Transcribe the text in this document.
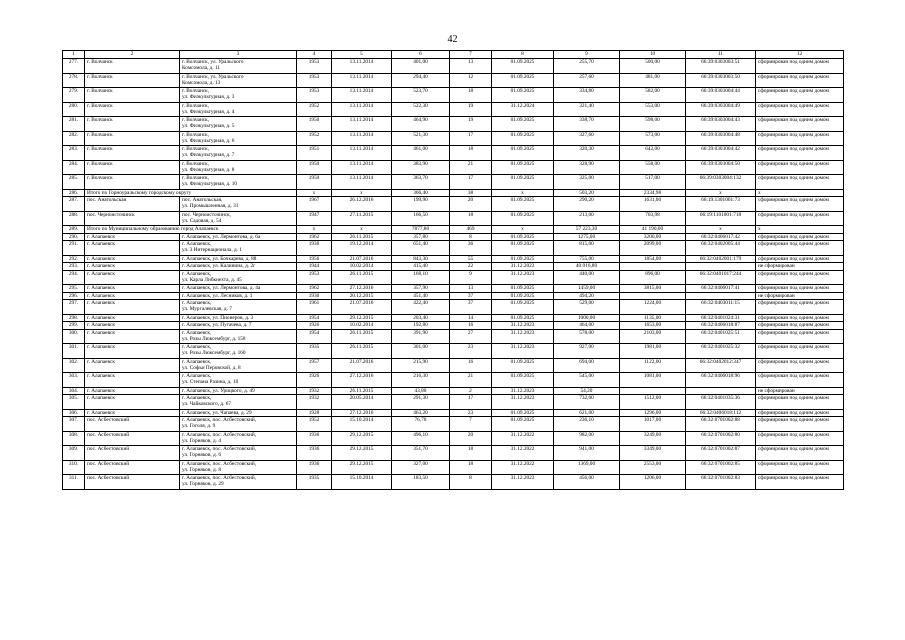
42
1	2	3	4	5	6	7	8	9	10	11	12
277.	г. Волчанск	г. Волчанск, ул. Уральского
Комсомола, д. 11	1953	13.11.2014	401,00	13	01.09.2025	255,70	500,00	66:39:0303003:51	сформирован под одним домом
278.	г. Волчанск	г. Волчанск, ул. Уральского
Комсомола, д. 13	1953	13.11.2014	294,40	12	01.09.2025	257,60	481,00	66:39:0303003:50	сформирован под одним домом
279.	г. Волчанск	г. Волчанск,
ул. Физкультурная, д. 3	1953	13.11.2014	523,70	18	01.09.2025	334,80	582,00	66:39:0303004:44	сформирован под одним домом
280.	г. Волчанск	г. Волчанск,
ул. Физкультурная, д. 4	1952	13.11.2014	522,30	19	31.12.2024	321,40	553,00	66:39:0303004:49	сформирован под одним домом
281.	г. Волчанск	г. Волчанск,
ул. Физкультурная, д. 5	1950	13.11.2014	464,90	19	01.09.2025	338,70	598,00	66:39:0303004:43	сформирован под одним домом
282.	г. Волчанск	г. Волчанск,
ул. Физкультурная, д. 6	1952	13.11.2014	521,30	17	01.09.2025	327,60	573,00	66:39:0303004:48	сформирован под одним домом
283.	г. Волчанск	г. Волчанск,
ул. Физкультурная, д. 7	1951	13.11.2014	461,00	18	01.09.2025	320,30	642,00	66:39:0303004:42	сформирован под одним домом
284.	г. Волчанск	г. Волчанск,
ул. Физкультурная, д. 8	1950	13.11.2014	383,90	21	01.09.2025	328,90	558,00	66:39:0303004:50	сформирован под одним домом
285.	г. Волчанск	г. Волчанск,
ул. Физкультурная, д. 10	1950	13.11.2014	363,70	17	01.09.2025	325,00	517,00	66:39:0303004:132	сформирован под одним домом
286.	Итого по Горноуральскому городскому округу		x	x	366,40	38	x	503,20	2334,98	x	x
287.	пос. Анатольская	пос. Анатольская,
ул. Промышленная, д. 31	1967	26.12.2016	199,90	20	01.09.2025	290,20	1631,00	66:19:1301001:73	сформирован под одним домом
288.	пос. Черноисточинск	пос. Черноисточинск,
ул. Садовая, д. 54	1947	27.11.2015	166,50	18	01.09.2025	213,00	703,98	66:19:1101001:718	сформирован под одним домом
289.	Итого по Муниципальному образованию город Алапаевск		x	x	7877,80	469	x	57 223,30	41 190,00	x	x
290.	г. Алапаевск	г. Алапаевск, ул. Лермонтова, д. 6а	1962	26.11.2015	357,80	8	01.09.2025	1275,00	3200,00	66:32:0406017:42	сформирован под одним домом
291.	г. Алапаевск	г. Алапаевск,
ул. 3 Интернационала, д. 1	1930	19.12.2014	651,40	36	01.09.2025	815,00	2099,00	66:32:0402005:44	сформирован под одним домом
292.	г. Алапаевск	г. Алапаевск, ул. Бочкарева, д. 88	1956	21.07.2016	843,30	55	01.09.2025	755,00	1854,00	66:32:0402001:179	сформирован под одним домом
293.	г. Алапаевск	г. Алапаевск, ул. Калинина, д. 2г	1944	10.02.2014	415,40	22	31.12.2023	40 016,80			не сформирован
294.	г. Алапаевск	г. Алапаевск,
ул. Карла Либкнехта, д. 45	1953	26.11.2015	168,10	9	31.12.2023	440,00	896,00	66:32:0401017:244	сформирован под одним домом
295.	г. Алапаевск	г. Алапаевск, ул. Лермонтова, д. 4а	1962	27.12.2016	357,90	13	01.09.2025	1459,00	3815,00	66:32:0406017:41	сформирован под одним домом
296.	г. Алапаевск	г. Алапаевск, ул. Лесников, д. 1	1930	20.12.2015	451,40	37	01.09.2025	494,20			не сформирован
297.	г. Алапаевск	г. Алапаевск,
ул. Мургалевская, д. 7	1961	21.07.2016	422,40	37	01.09.2025	529,00	1224,00	66:32:0403011:15	сформирован под одним домом
298.	г. Алапаевск	г. Алапаевск, ул. Пионеров, д. 3	1954	29.12.2015	203,40	14	01.09.2025	1000,00	1135,00	66:32:0401024:31	сформирован под одним домом
299.	г. Алапаевск	г. Алапаевск, ул. Пугачева, д. 7	1926	10.02.2014	192,80	16	31.12.2023	464,00	1653,00	66:32:0406018:87	сформирован под одним домом
300.	г. Алапаевск	г. Алапаевск,
ул. Розы Люксембург, д. 158	1954	26.11.2015	391,90	27	31.12.2023	578,00	2103,00	66:32:0401025:51	сформирован под одним домом
301.	г. Алапаевск	г. Алапаевск,
ул. Розы Люксембург, д. 160	1935	26.11.2015	301,00	23	31.12.2023	927,00	1981,00	66:32:0401025:32	сформирован под одним домом
302.	г. Алапаевск	г. Алапаевск,
ул. Софьи Перовской, д. 8	1957	21.07.2016	215,90	16	01.09.2025	694,00	1122,00	66:32:0402012:347	сформирован под одним домом
303.	г. Алапаевск	г. Алапаевск,
ул. Степана Разина, д. 10	1926	27.12.2016	216,30	21	01.09.2025	545,00	1081,00	66:32:0406018:96	сформирован под одним домом
304.	г. Алапаевск	г. Алапаевск, ул. Урицкого, д. 49	1932	26.11.2015	43,80	2	31.12.2023	54,20			не сформирован
305.	г. Алапаевск	г. Алапаевск,
ул. Чайковского, д. 67	1932	20.05.2014	291,30	17	31.12.2023	732,00	1512,00	66:32:0401035:36	сформирован под одним домом
306.	г. Алапаевск	г. Алапаевск, ул. Чапаева, д. 29	1928	27.12.2016	463,20	23	01.09.2025	621,00	1296,00	66:32:0406018:112	сформирован под одним домом
307.	пос. Асбестовский	г. Алапаевск, пос. Асбестовский,
ул. Гоголя, д. 9	1952	15.10.2014	76,70	7	01.09.2025	236,10	1017,00	66:32:0701002:88	сформирован под одним домом
308.	пос. Асбестовский	г. Алапаевск, пос. Асбестовский,
ул. Горняков, д. 4	1936	29.12.2015	496,10	20	31.12.2022	982,00	3249,00	66:32:0701002:80	сформирован под одним домом
309.	пос. Асбестовский	г. Алапаевск, пос. Асбестовский,
ул. Горняков, д. 6	1936	29.12.2015	351,70	18	31.12.2022	941,00	3349,00	66:32:0701002:87	сформирован под одним домом
310.	пос. Асбестовский	г. Алапаевск, пос. Асбестовский,
ул. Горняков, д. 8	1936	29.12.2015	327,00	18	31.12.2022	1369,00	2553,00	66:32:0701002:85	сформирован под одним домом
311.	пос. Асбестовский	г. Алапаевск, пос. Асбестовский,
ул. Горняков, д. 29	1935	15.10.2014	183,50	8	31.12.2023	456,00	1206,00	66:32:0701002:83	сформирован под одним домом
